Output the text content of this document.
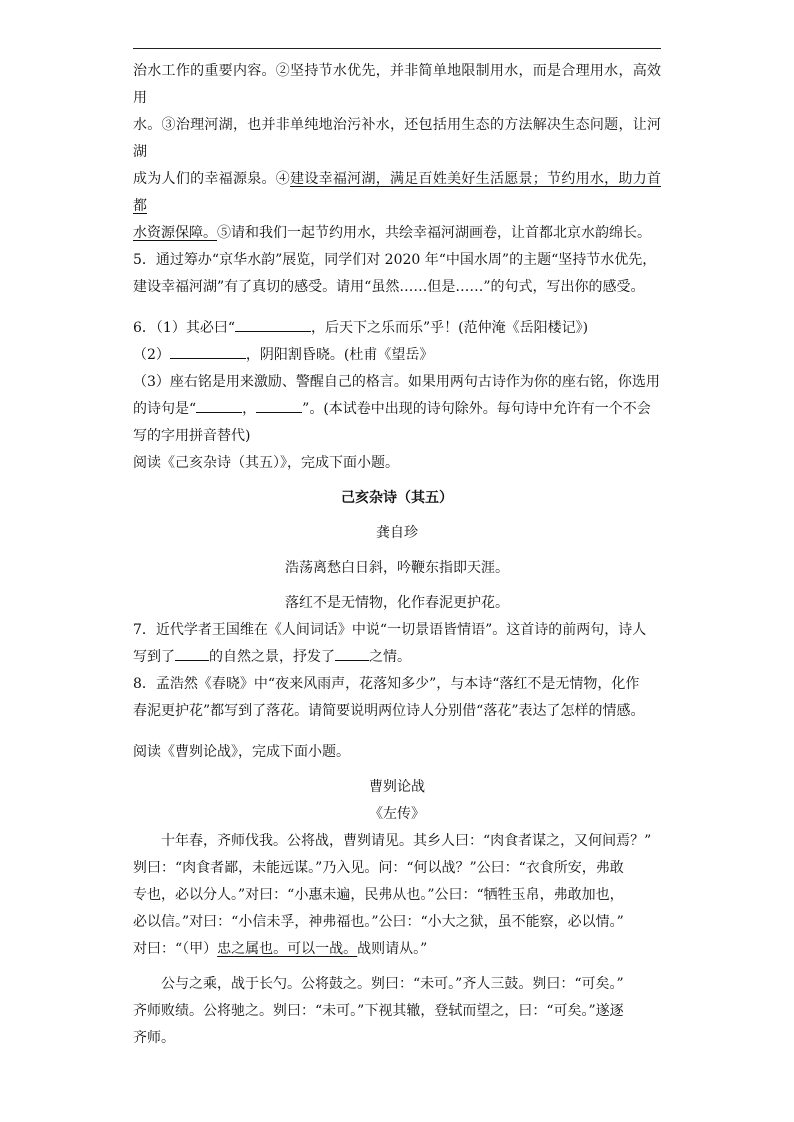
治水工作的重要内容。②坚持节水优先，并非简单地限制用水，而是合理用水，高效用

水。③治理河湖，也并非单纯地治污补水，还包括用生态的方法解决生态问题，让河湖

成为人们的幸福源泉。④建设幸福河湖，满足百姓美好生活愿景；节约用水，助力首都

水资源保障。⑤请和我们一起节约用水，共绘幸福河湖画卷，让首都北京水韵绵长。

5．通过筹办“京华水韵”展览，同学们对 2020 年“中国水周”的主题“坚持节水优先，

建设幸福河湖”有了真切的感受。请用“虽然……但是……”的句式，写出你的感受。

6．（1）其必曰“	，后天下之乐而乐”乎！(范仲淹《岳阳楼记》)

（2）	，阴阳割昏晓。(杜甫《望岳》

（3）座右铭是用来激励、警醒自己的格言。如果用两句古诗作为你的座右铭，你选用

的诗句是“	，	”。(本试卷中出现的诗句除外。每句诗中允许有一个不会

写的字用拼音替代)

阅读《己亥杂诗（其五）》，完成下面小题。

己亥杂诗（其五）

龚自珍

浩荡离愁白日斜，吟鞭东指即天涯。

落红不是无情物，化作春泥更护花。

7．近代学者王国维在《人间词话》中说“一切景语皆情语”。这首诗的前两句，诗人

写到了 的自然之景，抒发了 之情。

8．孟浩然《春晓》中“夜来风雨声，花落知多少”，与本诗“落红不是无情物，化作

春泥更护花”都写到了落花。请简要说明两位诗人分别借“落花”表达了怎样的情感。

阅读《曹刿论战》，完成下面小题。

曹刿论战

《左传》

十年春，齐师伐我。公将战，曹刿请见。其乡人曰：“肉食者谋之，又何间焉？”

刿曰：“肉食者鄙，未能远谋。”乃入见。问：“何以战？”公曰：“衣食所安，弗敢

专也，必以分人。”对曰：“小惠未遍，民弗从也。”公曰：“牺牲玉帛，弗敢加也，

必以信。”对曰：“小信未孚，神弗福也。”公曰：“小大之狱，虽不能察，必以情。”

对曰：“（甲）忠之属也。可以一战。战则请从。”

公与之乘，战于长勺。公将鼓之。刿曰：“未可。”齐人三鼓。刿曰：“可矣。”

齐师败绩。公将驰之。刿曰：“未可。”下视其辙，登轼而望之，曰：“可矣。”遂逐

齐师。
